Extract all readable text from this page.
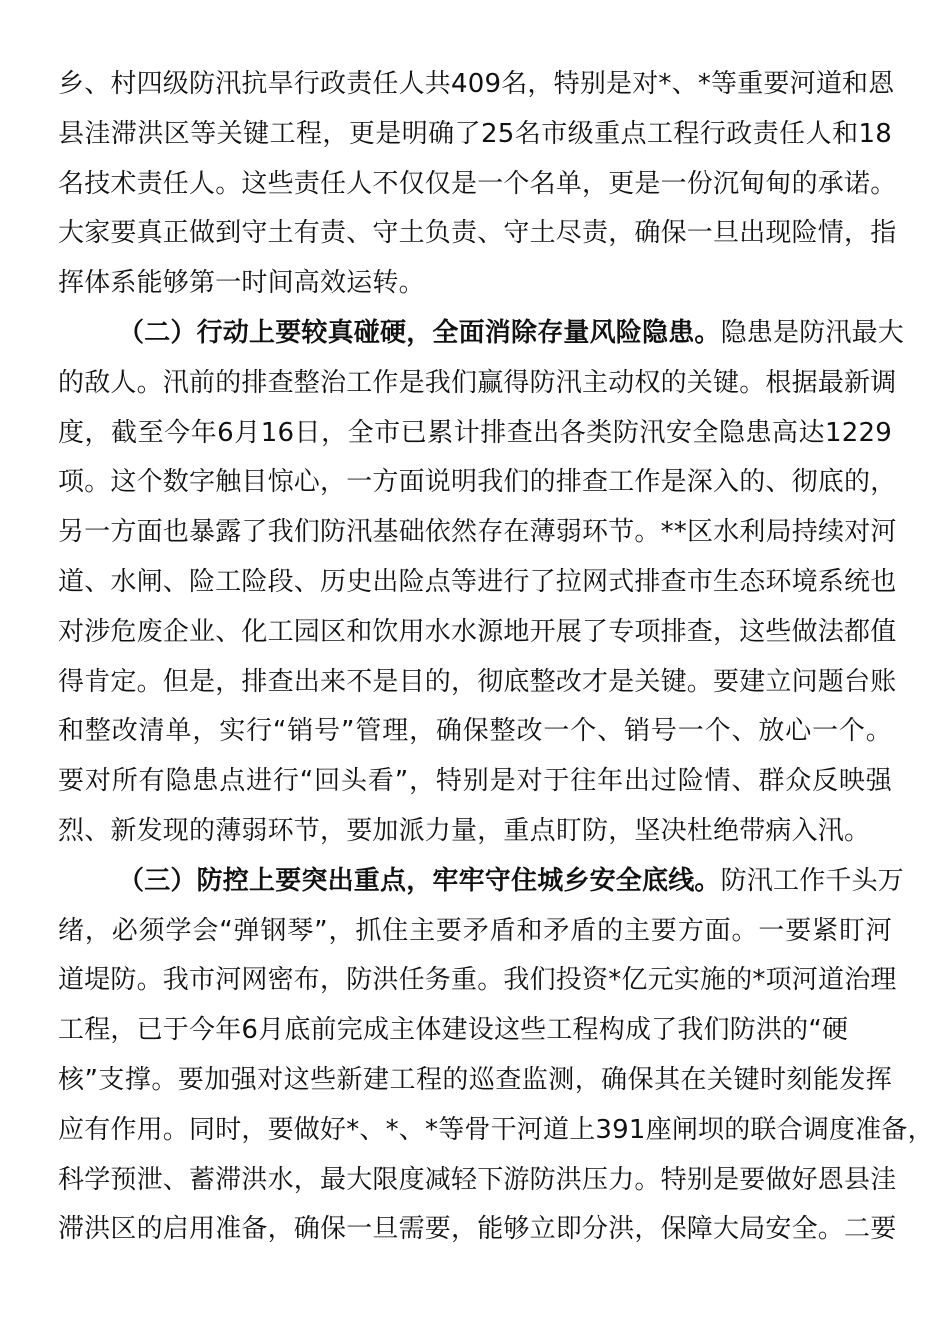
乡、村四级防汛抗旱行政责任人共409名，特别是对*、*等重要河道和恩
县洼滞洪区等关键工程，更是明确了25名市级重点工程行政责任人和18
名技术责任人。这些责任人不仅仅是一个名单，更是一份沉甸甸的承诺。
大家要真正做到守土有责、守土负责、守土尽责，确保一旦出现险情，指
挥体系能够第一时间高效运转。
（二）行动上要较真碰硬，全面消除存量风险隐患。隐患是防汛最大
的敌人。汛前的排查整治工作是我们赢得防汛主动权的关键。根据最新调
度，截至今年6月16日，全市已累计排查出各类防汛安全隐患高达1229
项。这个数字触目惊心，一方面说明我们的排查工作是深入的、彻底的，
另一方面也暴露了我们防汛基础依然存在薄弱环节。**区水利局持续对河
道、水闸、险工险段、历史出险点等进行了拉网式排查市生态环境系统也
对涉危废企业、化工园区和饮用水水源地开展了专项排查，这些做法都值
得肯定。但是，排查出来不是目的，彻底整改才是关键。要建立问题台账
和整改清单，实行“销号”管理，确保整改一个、销号一个、放心一个。
要对所有隐患点进行“回头看”，特别是对于往年出过险情、群众反映强
烈、新发现的薄弱环节，要加派力量，重点盯防，坚决杜绝带病入汛。
（三）防控上要突出重点，牢牢守住城乡安全底线。防汛工作千头万
绪，必须学会“弹钢琴”，抓住主要矛盾和矛盾的主要方面。一要紧盯河
道堤防。我市河网密布，防洪任务重。我们投资*亿元实施的*项河道治理
工程，已于今年6月底前完成主体建设这些工程构成了我们防洪的“硬
核”支撑。要加强对这些新建工程的巡查监测，确保其在关键时刻能发挥
应有作用。同时，要做好*、*、*等骨干河道上391座闸坝的联合调度准备，
科学预泄、蓄滞洪水，最大限度减轻下游防洪压力。特别是要做好恩县洼
滞洪区的启用准备，确保一旦需要，能够立即分洪，保障大局安全。二要
